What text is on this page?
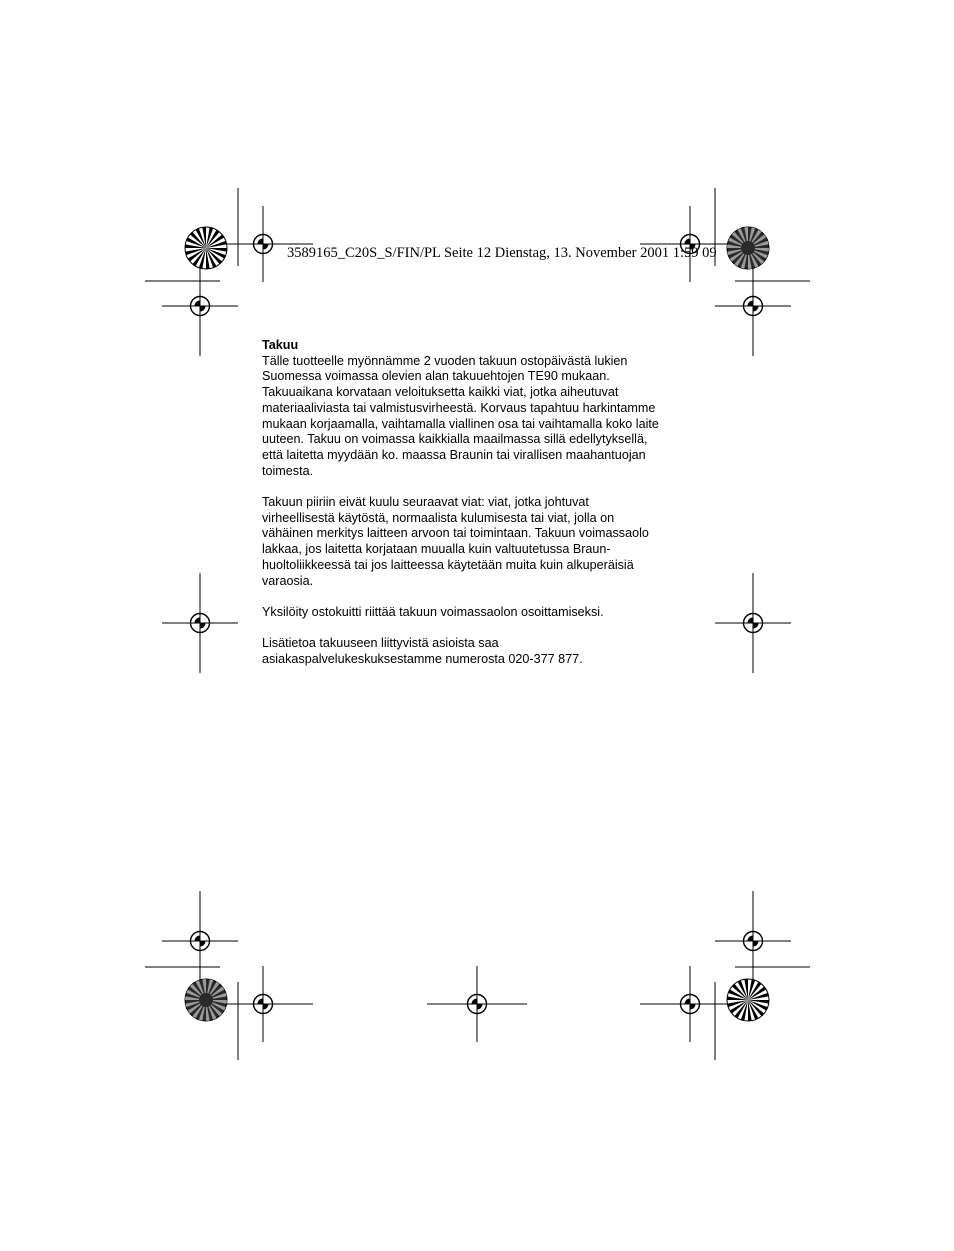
3589165_C20S_S/FIN/PL Seite 12 Dienstag, 13. November 2001 1:59 09
Takuu

Tälle tuotteelle myönnämme 2 vuoden takuun ostopäivästä lukien
Suomessa voimassa olevien alan takuuehtojen TE90 mukaan.
Takuuaikana korvataan veloituksetta kaikki viat, jotka aiheutuvat
materiaaliviasta tai valmistusvirheestä. Korvaus tapahtuu harkintamme
mukaan korjaamalla, vaihtamalla viallinen osa tai vaihtamalla koko laite
uuteen. Takuu on voimassa kaikkialla maailmassa sillä edellytyksellä,
että laitetta myydään ko. maassa Braunin tai virallisen maahantuojan
toimesta.

Takuun piiriin eivät kuulu seuraavat viat: viat, jotka johtuvat
virheellisestä käytöstä, normaalista kulumisesta tai viat, jolla on
vähäinen merkitys laitteen arvoon tai toimintaan. Takuun voimassaolo
lakkaa, jos laitetta korjataan muualla kuin valtuutetussa Braun-
huoltoliikkeessä tai jos laitteessa käytetään muita kuin alkuperäisiä
varaosia.

Yksilöity ostokuitti riittää takuun voimassaolon osoittamiseksi.

Lisätietoa takuuseen liittyvistä asioista saa
asiakaspalvelukeskuksestamme numerosta 020-377 877.
